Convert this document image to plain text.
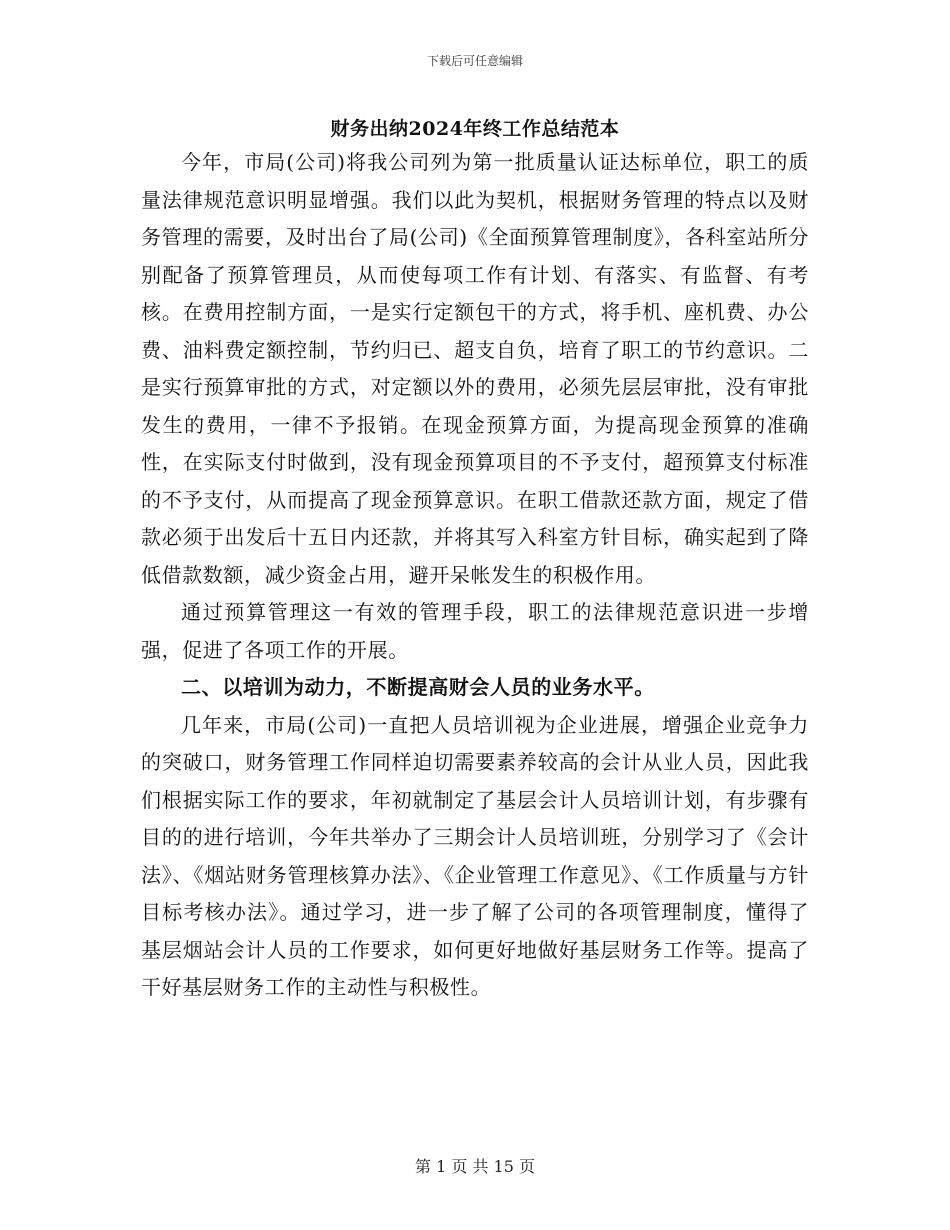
下载后可任意编辑
财务出纳2024年终工作总结范本

今年，市局(公司)将我公司列为第一批质量认证达标单位，职工的质量法律规范意识明显增强。我们以此为契机，根据财务管理的特点以及财务管理的需要，及时出台了局(公司)《全面预算管理制度》，各科室站所分别配备了预算管理员，从而使每项工作有计划、有落实、有监督、有考核。在费用控制方面，一是实行定额包干的方式，将手机、座机费、办公费、油料费定额控制，节约归已、超支自负，培育了职工的节约意识。二是实行预算审批的方式，对定额以外的费用，必须先层层审批，没有审批发生的费用，一律不予报销。在现金预算方面，为提高现金预算的准确性，在实际支付时做到，没有现金预算项目的不予支付，超预算支付标准的不予支付，从而提高了现金预算意识。在职工借款还款方面，规定了借款必须于出发后十五日内还款，并将其写入科室方针目标，确实起到了降低借款数额，减少资金占用，避开呆帐发生的积极作用。

通过预算管理这一有效的管理手段，职工的法律规范意识进一步增强，促进了各项工作的开展。

二、以培训为动力，不断提高财会人员的业务水平。

几年来，市局(公司)一直把人员培训视为企业进展，增强企业竞争力的突破口，财务管理工作同样迫切需要素养较高的会计从业人员，因此我们根据实际工作的要求，年初就制定了基层会计人员培训计划，有步骤有目的的进行培训，今年共举办了三期会计人员培训班，分别学习了《会计法》、《烟站财务管理核算办法》、《企业管理工作意见》、《工作质量与方针目标考核办法》。通过学习，进一步了解了公司的各项管理制度，懂得了基层烟站会计人员的工作要求，如何更好地做好基层财务工作等。提高了干好基层财务工作的主动性与积极性。

第 1 页 共 15 页
